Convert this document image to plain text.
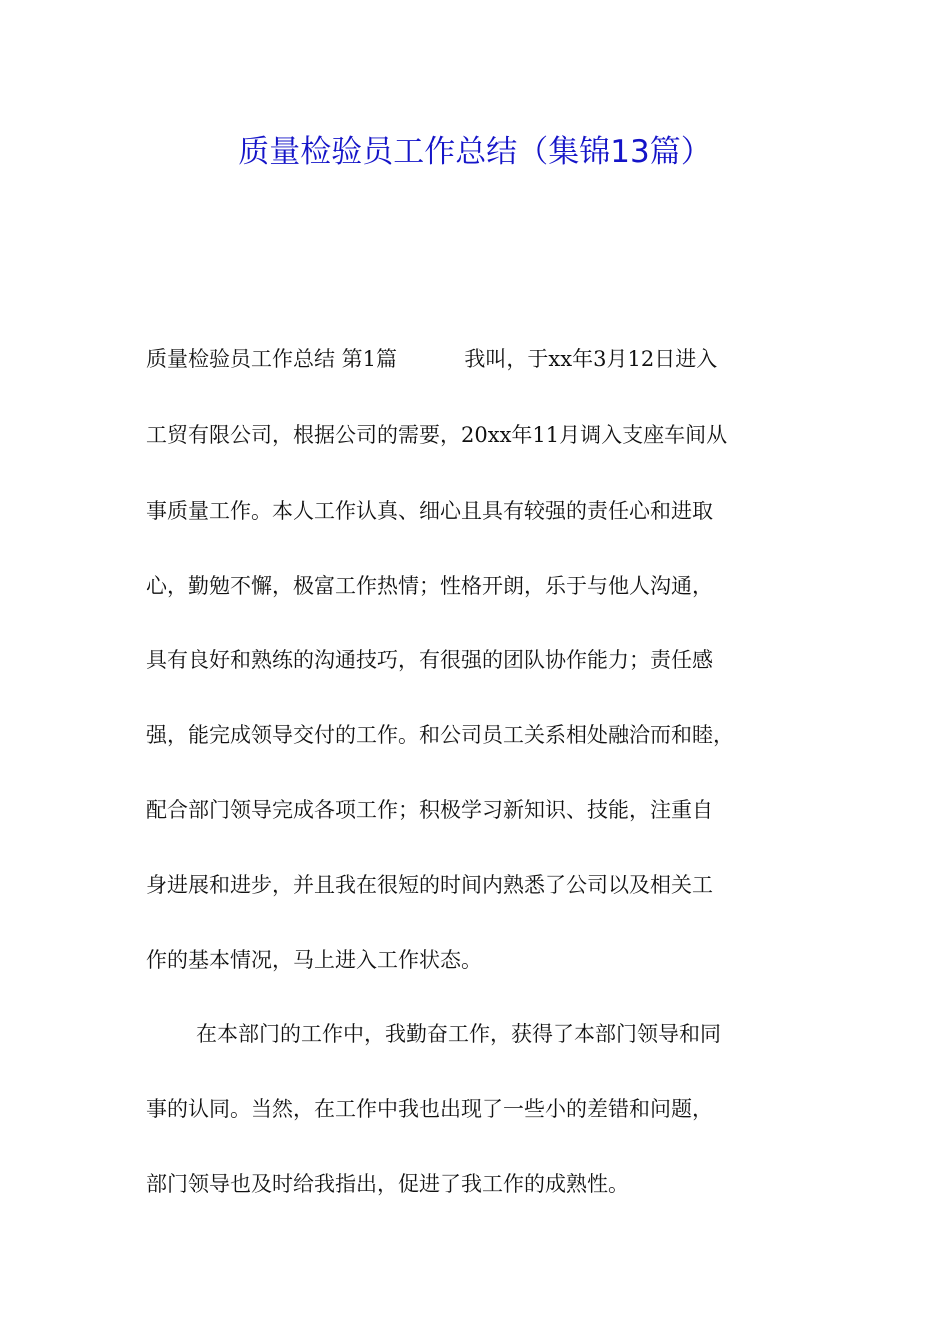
质量检验员工作总结（集锦13篇）
质量检验员工作总结 第1篇	我叫，于xx年3月12日进入
工贸有限公司，根据公司的需要，20xx年11月调入支座车间从
事质量工作。本人工作认真、细心且具有较强的责任心和进取
心，勤勉不懈，极富工作热情；性格开朗，乐于与他人沟通，
具有良好和熟练的沟通技巧，有很强的团队协作能力；责任感
强，能完成领导交付的工作。和公司员工关系相处融洽而和睦，
配合部门领导完成各项工作；积极学习新知识、技能，注重自
身进展和进步，并且我在很短的时间内熟悉了公司以及相关工
作的基本情况，马上进入工作状态。
在本部门的工作中，我勤奋工作，获得了本部门领导和同
事的认同。当然，在工作中我也出现了一些小的差错和问题，
部门领导也及时给我指出，促进了我工作的成熟性。
